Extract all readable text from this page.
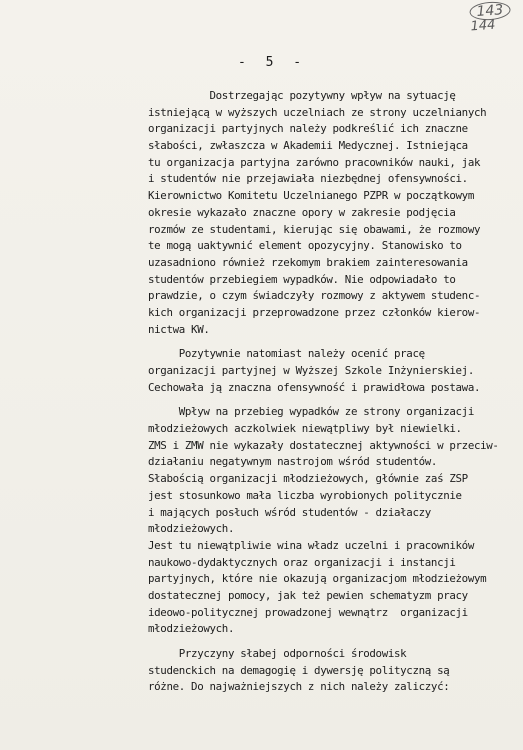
143
144
- 5 -
Dostrzegając pozytywny wpływ na sytuację
istniejącą w wyższych uczelniach ze strony uczelnianych
organizacji partyjnych należy podkreślić ich znaczne
słabości, zwłaszcza w Akademii Medycznej. Istniejąca
tu organizacja partyjna zarówno pracowników nauki, jak
i studentów nie przejawiała niezbędnej ofensywności.
Kierownictwo Komitetu Uczelnianego PZPR w początkowym
okresie wykazało znaczne opory w zakresie podjęcia
rozmów ze studentami, kierując się obawami, że rozmowy
te mogą uaktywnić element opozycyjny. Stanowisko to
uzasadniono również rzekomym brakiem zainteresowania
studentów przebiegiem wypadków. Nie odpowiadało to
prawdzie, o czym świadczyły rozmowy z aktywem studenc-
kich organizacji przeprowadzone przez członków kierow-
nictwa KW.
Pozytywnie natomiast należy ocenić pracę
organizacji partyjnej w Wyższej Szkole Inżynierskiej.
Cechowała ją znaczna ofensywność i prawidłowa postawa.
Wpływ na przebieg wypadków ze strony organizacji
młodzieżowych aczkolwiek niewątpliwy był niewielki.
ZMS i ZMW nie wykazały dostatecznej aktywności w przeciw-
działaniu negatywnym nastrojom wśród studentów.
Słabością organizacji młodzieżowych, głównie zaś ZSP
jest stosunkowo mała liczba wyrobionych politycznie
i mających posłuch wśród studentów - działaczy
młodzieżowych.
Jest tu niewątpliwie wina władz uczelni i pracowników
naukowo-dydaktycznych oraz organizacji i instancji
partyjnych, które nie okazują organizacjom młodzieżowym
dostatecznej pomocy, jak też pewien schematyzm pracy
ideowo-politycznej prowadzonej wewnątrz  organizacji
młodzieżowych.
Przyczyny słabej odporności środowisk
studenckich na demagogię i dywersję polityczną są
różne. Do najważniejszych z nich należy zaliczyć:
